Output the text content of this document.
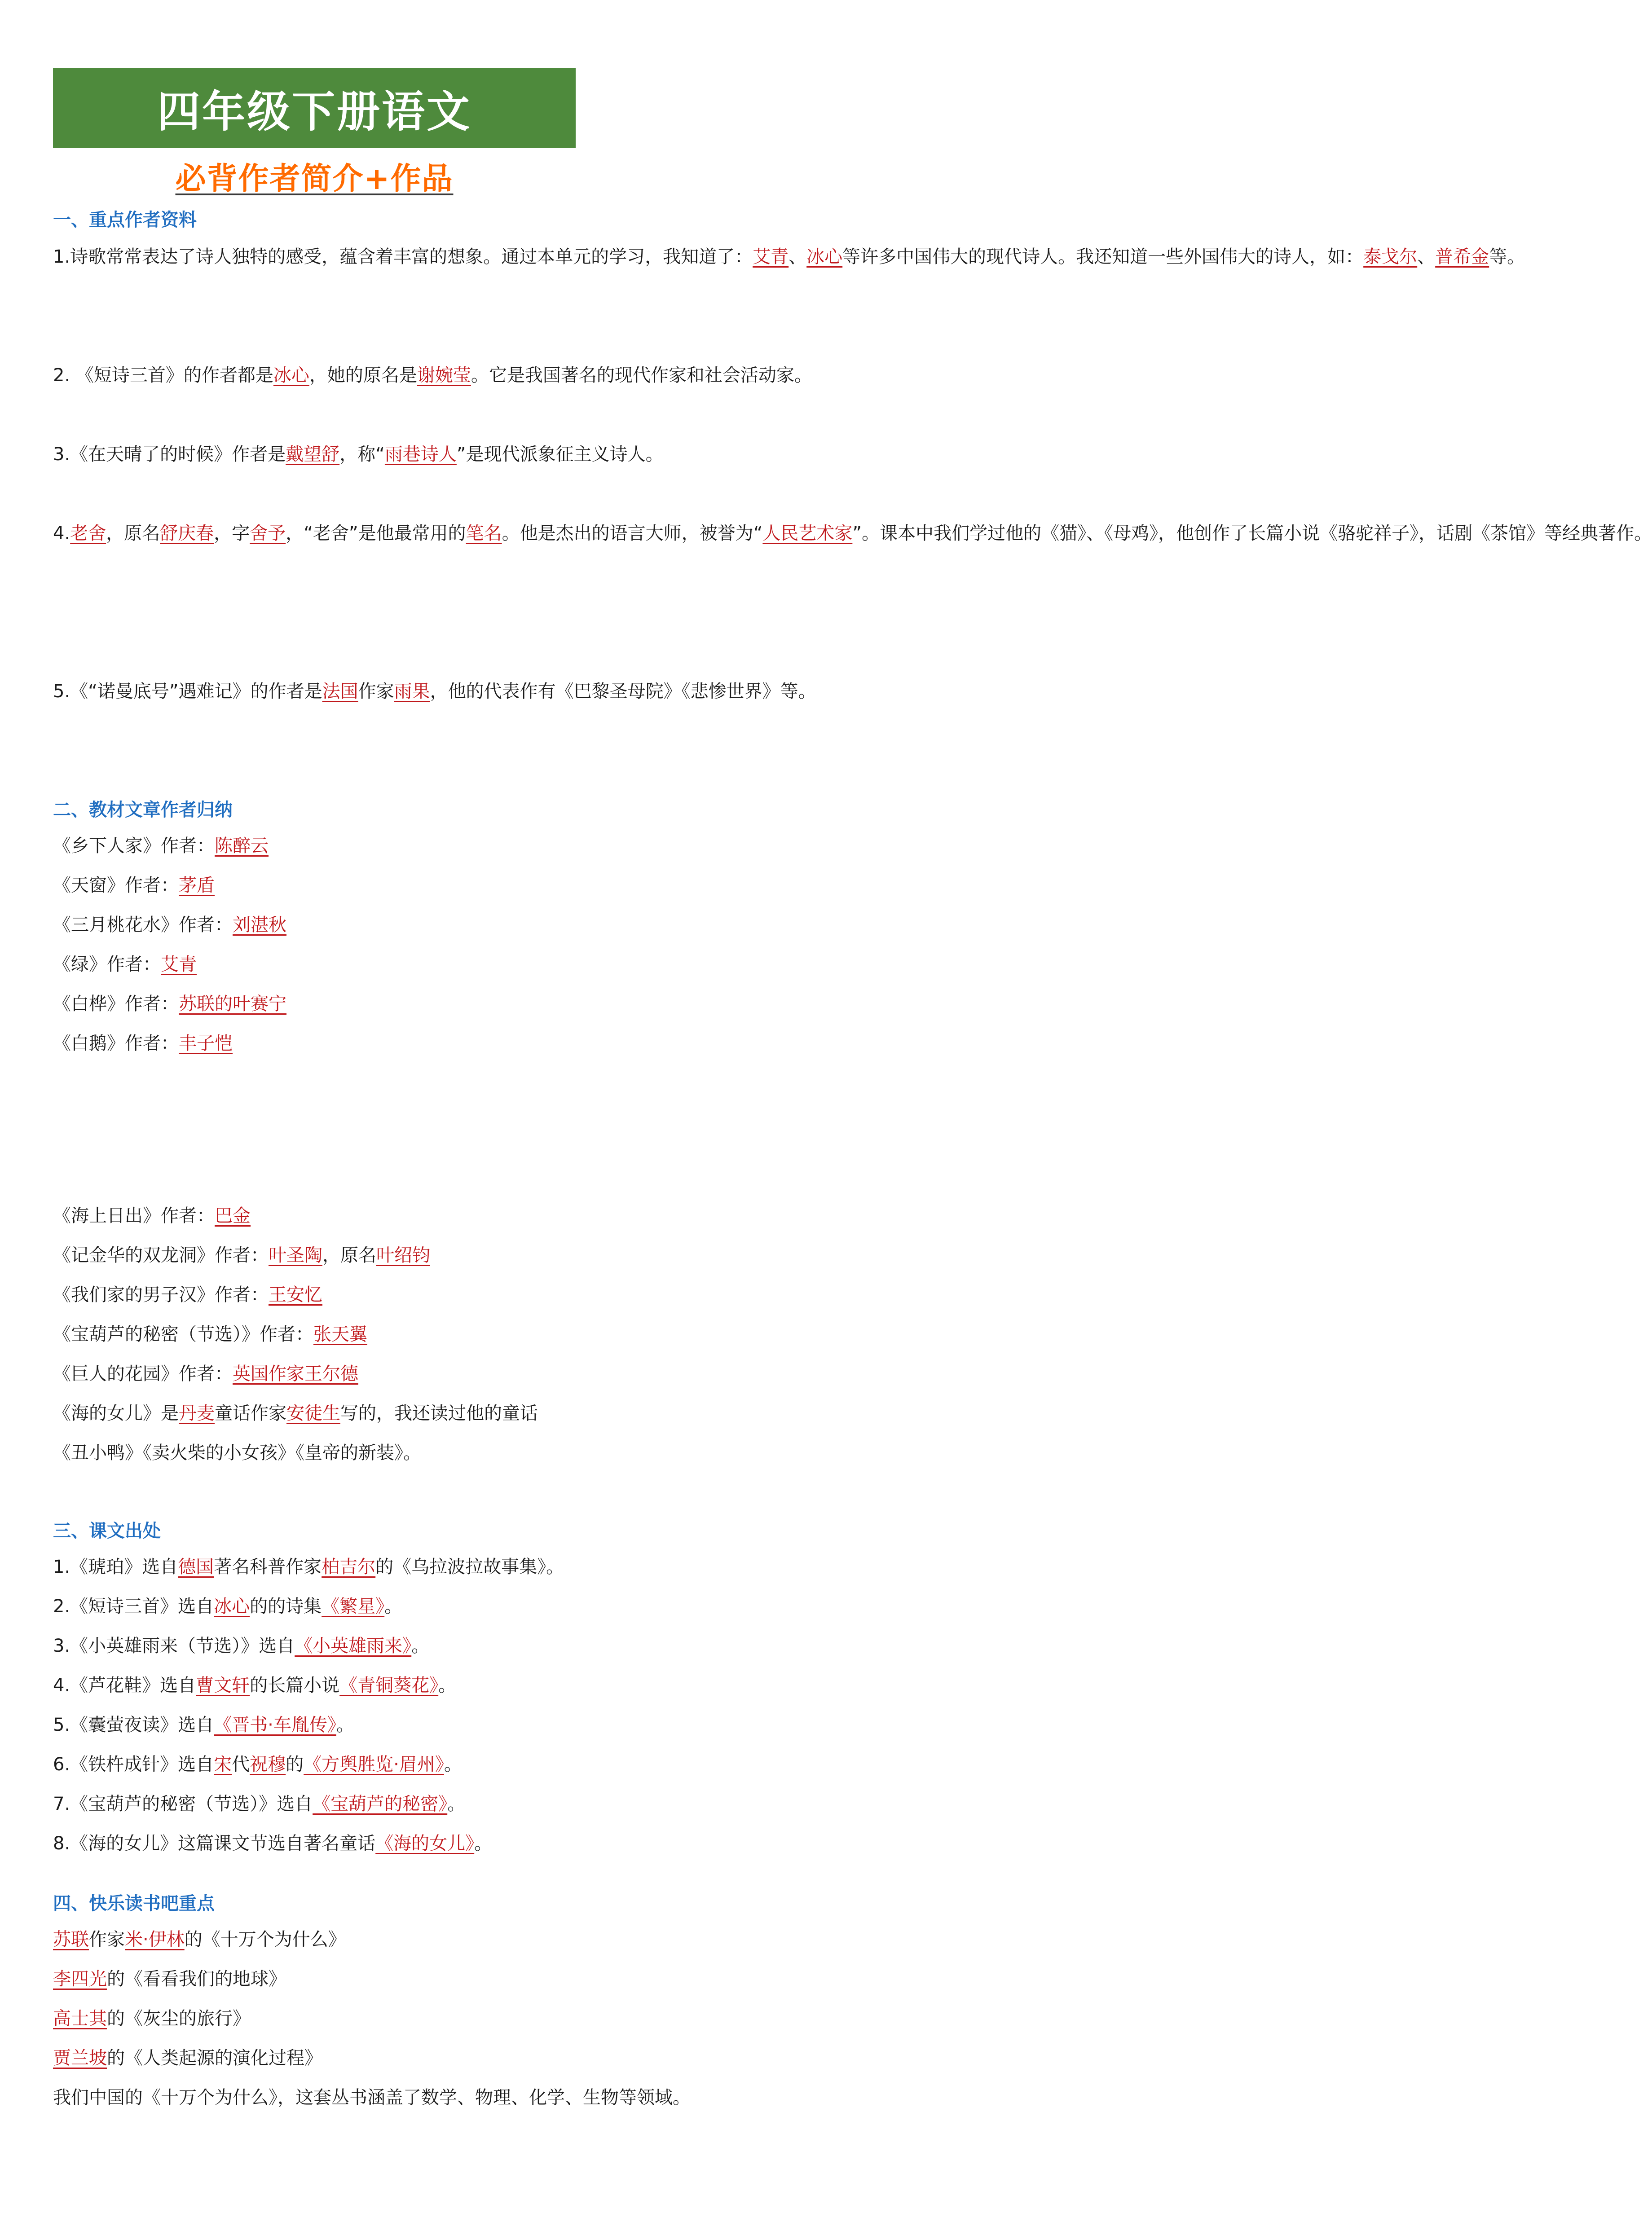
四年级下册语文
必背作者简介+作品
一、重点作者资料
1.诗歌常常表达了诗人独特的感受，蕴含着丰富的想象。通过本单元的学习，我知道了：艾青、冰心等许多中国伟大的现代诗人。我还知道一些外国伟大的诗人，如：泰戈尔、普希金等。
2. 《短诗三首》的作者都是冰心，她的原名是谢婉莹。它是我国著名的现代作家和社会活动家。
3.《在天晴了的时候》作者是戴望舒，称“雨巷诗人”是现代派象征主义诗人。
4.老舍，原名舒庆春，字舍予，“老舍”是他最常用的笔名。他是杰出的语言大师，被誉为“人民艺术家”。课本中我们学过他的《猫》、《母鸡》，他创作了长篇小说《骆驼祥子》，话剧《茶馆》等经典著作。
5.《“诺曼底号”遇难记》的作者是法国作家雨果，他的代表作有《巴黎圣母院》《悲惨世界》等。
二、教材文章作者归纳
《乡下人家》作者：陈醉云
《天窗》作者：茅盾
《三月桃花水》作者：刘湛秋
《绿》作者：艾青
《白桦》作者：苏联的叶赛宁
《白鹅》作者：丰子恺
《海上日出》作者：巴金
《记金华的双龙洞》作者：叶圣陶，原名叶绍钧
《我们家的男子汉》作者：王安忆
《宝葫芦的秘密（节选）》作者：张天翼
《巨人的花园》作者：英国作家王尔德
《海的女儿》是丹麦童话作家安徒生写的，我还读过他的童话
《丑小鸭》《卖火柴的小女孩》《皇帝的新装》。
三、课文出处
1.《琥珀》选自德国著名科普作家柏吉尔的《乌拉波拉故事集》。
2.《短诗三首》选自冰心的的诗集《繁星》。
3.《小英雄雨来（节选）》选自《小英雄雨来》。
4.《芦花鞋》选自曹文轩的长篇小说《青铜葵花》。
5.《囊萤夜读》选自《晋书·车胤传》。
6.《铁杵成针》选自宋代祝穆的《方舆胜览·眉州》。
7.《宝葫芦的秘密（节选）》选自《宝葫芦的秘密》。
8.《海的女儿》这篇课文节选自著名童话《海的女儿》。
四、快乐读书吧重点
苏联作家米·伊林的《十万个为什么》
李四光的《看看我们的地球》
高士其的《灰尘的旅行》
贾兰坡的《人类起源的演化过程》
我们中国的《十万个为什么》，这套丛书涵盖了数学、物理、化学、生物等领域。
